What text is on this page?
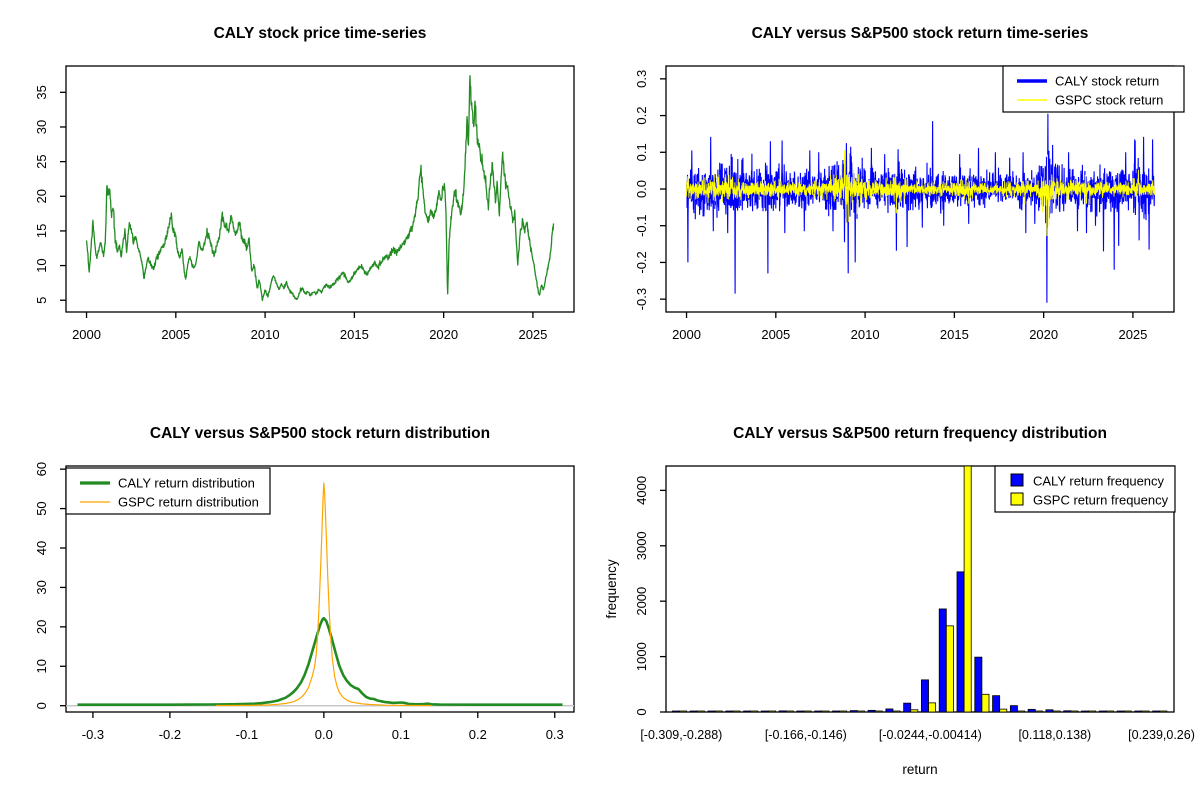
CALY stock price time-series
2000	2005	2010	2015	2020	2025
5
10
15
20
25
30
35
CALY versus S&P500 stock return time-series
2000	2005	2010	2015	2020	2025
0.3
0.2
0.1
0.0
-0.1
-0.2
-0.3
CALY stock return
GSPC stock return
CALY versus S&P500 stock return distribution
-0.3	-0.2	-0.1	0.0	0.1	0.2	0.3
0
10
20
30
40
50
60
CALY return distribution
GSPC return distribution
CALY versus S&P500 return frequency distribution
0
1000
2000
3000
4000
return
frequency
[-0.309,-0.288)	[-0.166,-0.146)	[-0.0244,-0.00414)	[0.118,0.138)	[0.239,0.26)
CALY return frequency
GSPC return frequency
